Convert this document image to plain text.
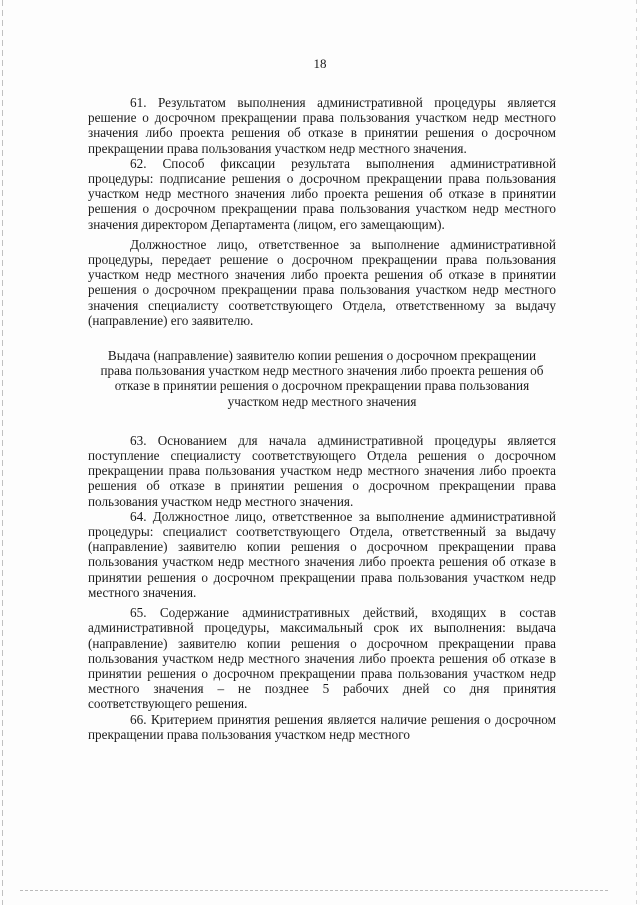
18

61. Результатом выполнения административной процедуры является решение о досрочном прекращении права пользования участком недр местного значения либо проекта решения об отказе в принятии решения о досрочном прекращении права пользования участком недр местного значения.

62. Способ фиксации результата выполнения административной процедуры: подписание решения о досрочном прекращении права пользования участком недр местного значения либо проекта решения об отказе в принятии решения о досрочном прекращении права пользования участком недр местного значения директором Департамента (лицом, его замещающим).

Должностное лицо, ответственное за выполнение административной процедуры, передает решение о досрочном прекращении права пользования участком недр местного значения либо проекта решения об отказе в принятии решения о досрочном прекращении права пользования участком недр местного значения специалисту соответствующего Отдела, ответственному за выдачу (направление) его заявителю.

Выдача (направление) заявителю копии решения о досрочном прекращении права пользования участком недр местного значения либо проекта решения об отказе в принятии решения о досрочном прекращении права пользования участком недр местного значения

63. Основанием для начала административной процедуры является поступление специалисту соответствующего Отдела решения о досрочном прекращении права пользования участком недр местного значения либо проекта решения об отказе в принятии решения о досрочном прекращении права пользования участком недр местного значения.

64. Должностное лицо, ответственное за выполнение административной процедуры: специалист соответствующего Отдела, ответственный за выдачу (направление) заявителю копии решения о досрочном прекращении права пользования участком недр местного значения либо проекта решения об отказе в принятии решения о досрочном прекращении права пользования участком недр местного значения.

65. Содержание административных действий, входящих в состав административной процедуры, максимальный срок их выполнения: выдача (направление) заявителю копии решения о досрочном прекращении права пользования участком недр местного значения либо проекта решения об отказе в принятии решения о досрочном прекращении права пользования участком недр местного значения – не позднее 5 рабочих дней со дня принятия соответствующего решения.

66. Критерием принятия решения является наличие решения о досрочном прекращении права пользования участком недр местного
